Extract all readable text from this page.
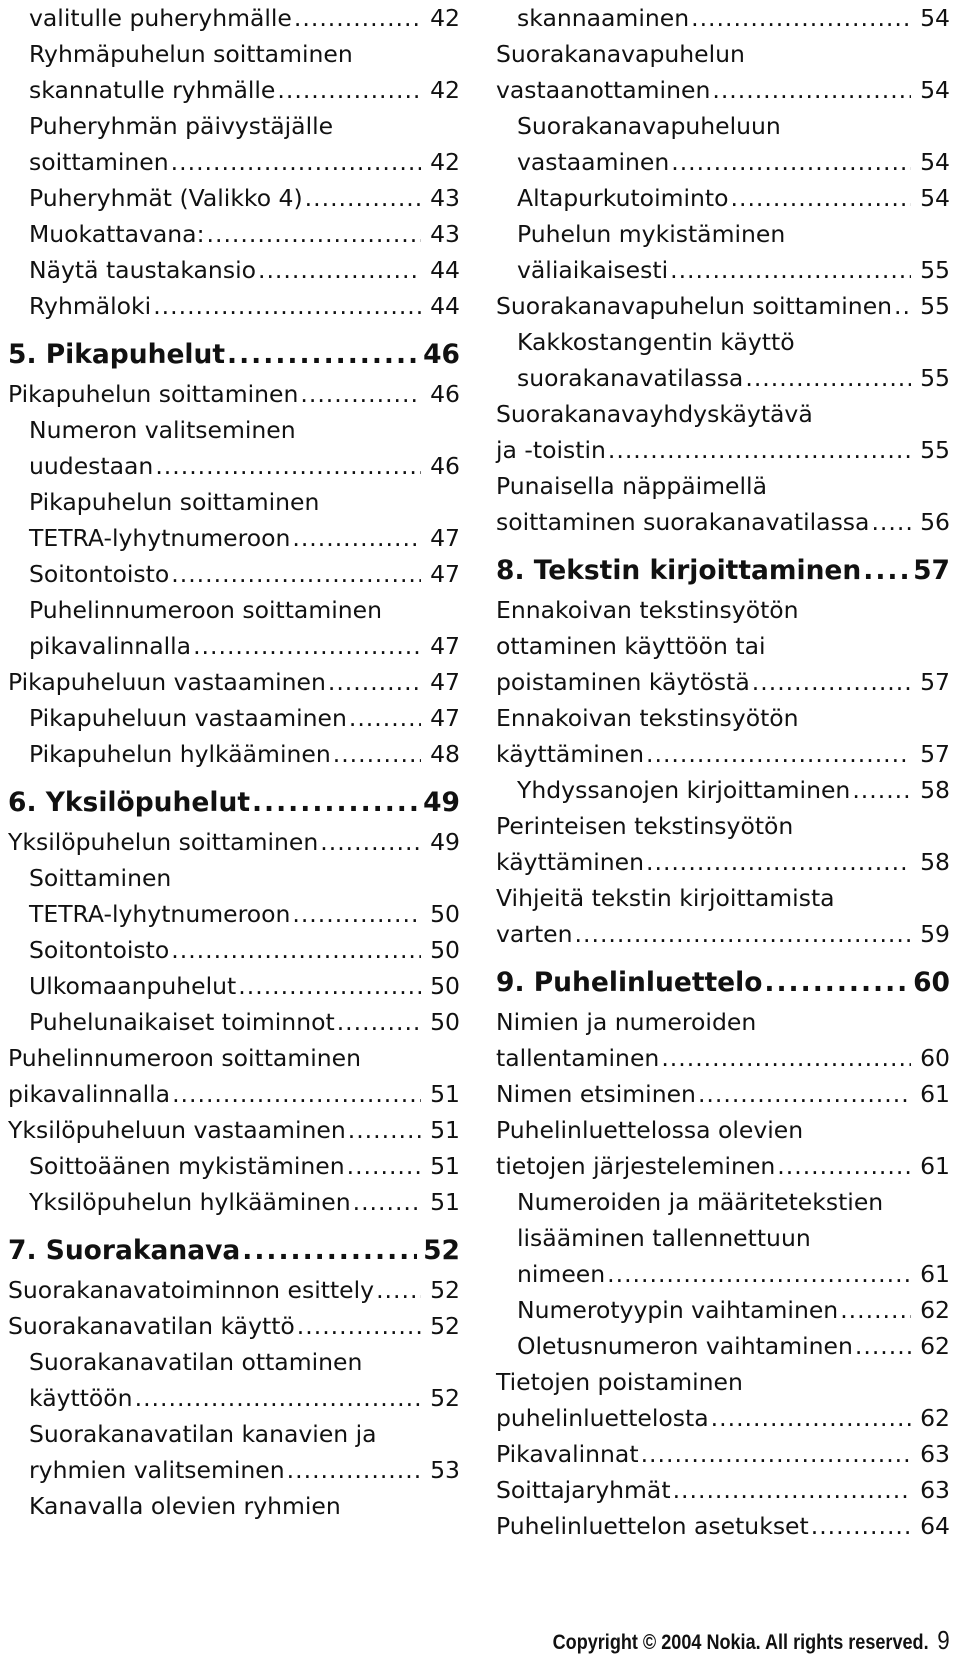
valitulle puheryhmälle .....	42
Ryhmäpuhelun soittaminen
skannatulle ryhmälle .....	42
Puheryhmän päivystäjälle
soittaminen .....	42
Puheryhmät (Valikko 4) .....	43
Muokattavana: .....	43
Näytä taustakansio .....	44
Ryhmäloki .....	44
5. Pikapuhelut .....	46
Pikapuhelun soittaminen .....	46
Numeron valitseminen
uudestaan .....	46
Pikapuhelun soittaminen
TETRA-lyhytnumeroon .....	47
Soitontoisto .....	47
Puhelinnumeroon soittaminen
pikavalinnalla .....	47
Pikapuheluun vastaaminen .....	47
Pikapuheluun vastaaminen .....	47
Pikapuhelun hylkääminen .....	48
6. Yksilöpuhelut .....	49
Yksilöpuhelun soittaminen .....	49
Soittaminen
TETRA-lyhytnumeroon .....	50
Soitontoisto .....	50
Ulkomaanpuhelut .....	50
Puhelunaikaiset toiminnot .....	50
Puhelinnumeroon soittaminen
pikavalinnalla .....	51
Yksilöpuheluun vastaaminen .....	51
Soittoäänen mykistäminen .....	51
Yksilöpuhelun hylkääminen .....	51
7. Suorakanava .....	52
Suorakanavatoiminnon esittely ..... 52
Suorakanavatilan käyttö .....	52
Suorakanavatilan ottaminen
käyttöön .....	52
Suorakanavatilan kanavien ja
ryhmien valitseminen .....	53
Kanavalla olevien ryhmien
skannaaminen .....	54
Suorakanavapuhelun
vastaanottaminen .....	54
Suorakanavapuheluun
vastaaminen .....	54
Altapurkutoiminto .....	54
Puhelun mykistäminen
väliaikaisesti .....	55
Suorakanavapuhelun soittaminen ..... 55
Kakkostangentin käyttö
suorakanavatilassa .....	55
Suorakanavayhdyskäytävä
ja -toistin .....	55
Punaisella näppäimellä
soittaminen suorakanavatilassa ..... 56
8. Tekstin kirjoittaminen ..... 57
Ennakoivan tekstinsyötön
ottaminen käyttöön tai
poistaminen käytöstä .....	57
Ennakoivan tekstinsyötön
käyttäminen .....	57
Yhdyssanojen kirjoittaminen .....	58
Perinteisen tekstinsyötön
käyttäminen .....	58
Vihjeitä tekstin kirjoittamista
varten .....	59
9. Puhelinluettelo .....	60
Nimien ja numeroiden
tallentaminen .....	60
Nimen etsiminen .....	61
Puhelinluettelossa olevien
tietojen järjesteleminen .....	61
Numeroiden ja määritetekstien
lisääminen tallennettuun
nimeen .....	61
Numerotyypin vaihtaminen .....	62
Oletusnumeron vaihtaminen .....	62
Tietojen poistaminen
puhelinluettelosta .....	62
Pikavalinnat .....	63
Soittajaryhmät .....	63
Puhelinluettelon asetukset .....	64
Copyright © 2004 Nokia. All rights reserved. 9
